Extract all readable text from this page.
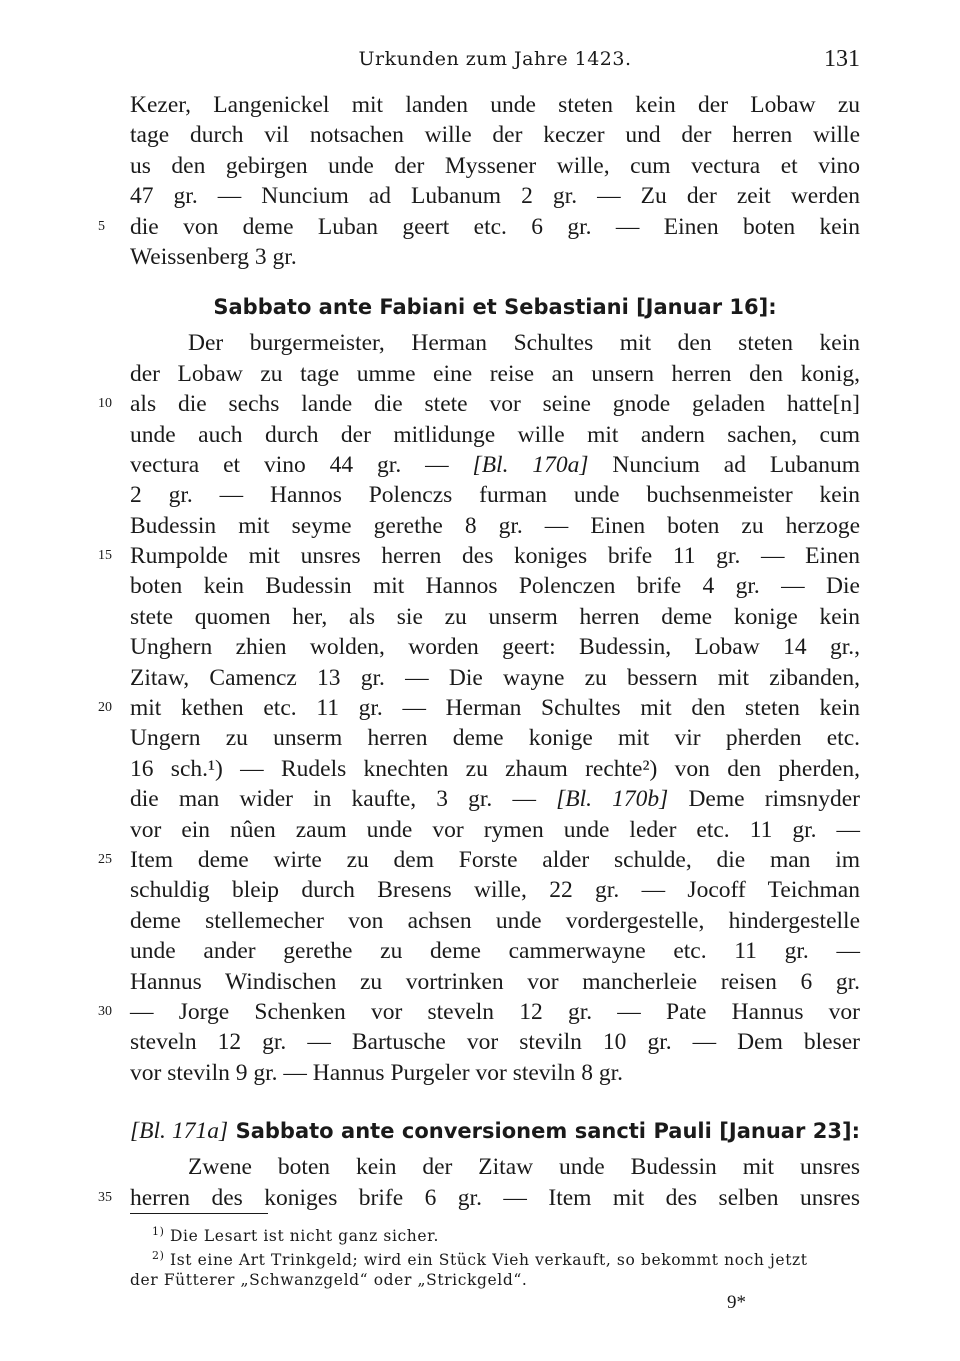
Urkunden zum Jahre 1423.	131
Kezer, Langenickel mit landen unde steten kein der Lobaw zu
tage durch vil notsachen wille der keczer und der herren wille
us den gebirgen unde der Myssener wille, cum vectura et vino
47 gr. — Nuncium ad Lubanum 2 gr. — Zu der zeit werden
5	die von deme Luban geert etc. 6 gr. — Einen boten kein
Weissenberg 3 gr.
Sabbato ante Fabiani et Sebastiani [Januar 16]:
Der burgermeister, Herman Schultes mit den steten kein
der Lobaw zu tage umme eine reise an unsern herren den konig,
10 als die sechs lande die stete vor seine gnode geladen hatte[n]
unde auch durch der mitlidunge wille mit andern sachen, cum
vectura et vino 44 gr. — [Bl. 170a] Nuncium ad Lubanum
2 gr. — Hannos Polenczs furman unde buchsenmeister kein
Budessin mit seyme gerethe 8 gr. — Einen boten zu herzoge
15 Rumpolde mit unsres herren des koniges brife 11 gr. — Einen
boten kein Budessin mit Hannos Polenczen brife 4 gr. — Die
stete quomen her, als sie zu unserm herren deme konige kein
Unghern zhien wolden, worden geert: Budessin, Lobaw 14 gr.,
Zitaw, Camencz 13 gr. — Die wayne zu bessern mit zibanden,
20 mit kethen etc. 11 gr. — Herman Schultes mit den steten kein
Ungern zu unserm herren deme konige mit vir pherden etc.
16 sch.¹) — Rudels knechten zu zhaum rechte²) von den pherden,
die man wider in kaufte, 3 gr. — [Bl. 170b] Deme rimsnyder
vor ein nûen zaum unde vor rymen unde leder etc. 11 gr. —
25 Item deme wirte zu dem Forste alder schulde, die man im
schuldig bleip durch Bresens wille, 22 gr. — Jocoff Teichman
deme stellemecher von achsen unde vordergestelle, hindergestelle
unde ander gerethe zu deme cammerwayne etc. 11 gr. —
Hannus Windischen zu vortrinken vor mancherleie reisen 6 gr.
30 — Jorge Schenken vor steveln 12 gr. — Pate Hannus vor
steveln 12 gr. — Bartusche vor steviln 10 gr. — Dem bleser
vor steviln 9 gr. — Hannus Purgeler vor steviln 8 gr.
[Bl. 171a] Sabbato ante conversionem sancti Pauli [Januar 23]:
Zwene boten kein der Zitaw unde Budessin mit unsres
35 herren des koniges brife 6 gr. — Item mit des selben unsres
$^{1)}$ Die Lesart ist nicht ganz sicher.
$^{2)}$ Ist eine Art Trinkgeld; wird ein Stück Vieh verkauft, so bekommt noch jetzt
der Fütterer „Schwanzgeld“ oder „Strickgeld“.
9*
